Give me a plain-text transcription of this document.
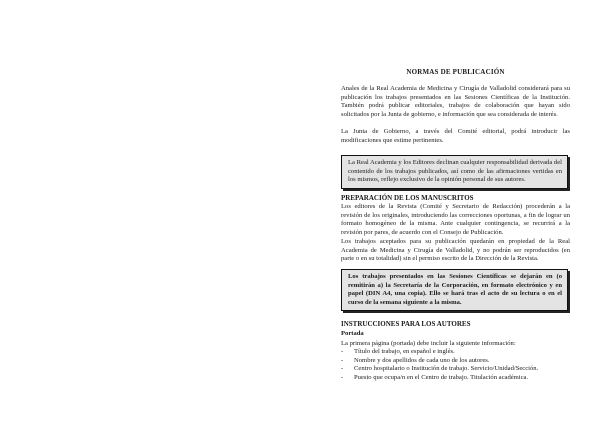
NORMAS DE PUBLICACIÓN
Anales de la Real Academia de Medicina y Cirugía de Valladolid considerará para su publicación los trabajos presentados en las Sesiones Científicas de la Institución. También podrá publicar editoriales, trabajos de colaboración que hayan sido solicitados por la Junta de gobierno, e información que sea considerada de interés.
La Junta de Gobierno, a través del Comité editorial, podrá introducir las modificaciones que estime pertinentes.
La Real Academia y los Editores declinan cualquier responsabilidad derivada del contenido de los trabajos publicados, así como de las afirmaciones vertidas en los mismos, reflejo exclusivo de la opinión personal de sus autores.
PREPARACIÓN DE LOS MANUSCRITOS
Los editores de la Revista (Comité y Secretario de Redacción) procederán a la revisión de los originales, introduciendo las correcciones oportunas, a fin de lograr un formato homogéneo de la misma. Ante cualquier contingencia, se recurrirá a la revisión por pares, de acuerdo con el Consejo de Publicación.
Los trabajos aceptados para su publicación quedarán en propiedad de la Real Academia de Medicina y Cirugía de Valladolid, y no podrán ser reproducidos (en parte o en su totalidad) sin el permiso escrito de la Dirección de la Revista.
Los trabajos presentados en las Sesiones Científicas se dejarán en (o remitirán a) la Secretaría de la Corporación, en formato electrónico y en papel (DIN A4, una copia). Ello se hará tras el acto de su lectura o en el curso de la semana siguiente a la misma.
INSTRUCCIONES PARA LOS AUTORES
Portada
La primera página (portada) debe incluir la siguiente información:
- Título del trabajo, en español e inglés.
- Nombre y dos apellidos de cada uno de los autores.
- Centro hospitalario o Institución de trabajo. Servicio/Unidad/Sección.
- Puesto que ocupa/n en el Centro de trabajo. Titulación académica.
